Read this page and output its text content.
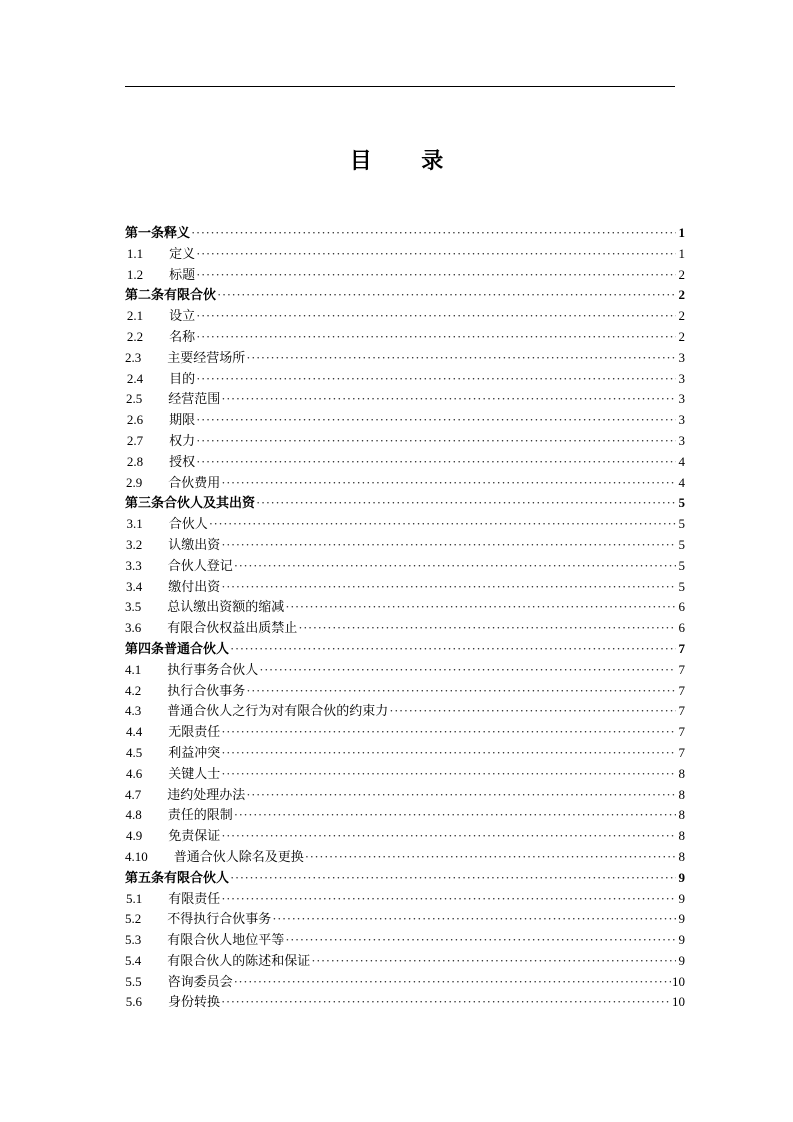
目 录
第一条 释义 ·····	1
1.1	定义 ·····	1
1.2	标题 ·····	2
第二条 有限合伙 ·····	2
2.1	设立 ·····	2
2.2	名称 ·····	2
2.3	主要经营场所 ·····	3
2.4	目的 ·····	3
2.5	经营范围 ·····	3
2.6	期限 ·····	3
2.7	权力 ·····	3
2.8	授权 ·····	4
2.9	合伙费用 ·····	4
第三条 合伙人及其出资 ·····	5
3.1	合伙人 ·····	5
3.2	认缴出资 ·····	5
3.3	合伙人登记 ·····	5
3.4	缴付出资 ·····	5
3.5	总认缴出资额的缩减 ·····	6
3.6	有限合伙权益出质禁止 ·····	6
第四条 普通合伙人 ·····	7
4.1	执行事务合伙人 ·····	7
4.2	执行合伙事务 ·····	7
4.3	普通合伙人之行为对有限合伙的约束力 ·····	7
4.4	无限责任 ·····	7
4.5	利益冲突 ·····	7
4.6	关键人士 ·····	8
4.7	违约处理办法 ·····	8
4.8	责任的限制 ·····	8
4.9	免责保证 ·····	8
4.10	普通合伙人除名及更换 ·····	8
第五条 有限合伙人 ·····	9
5.1	有限责任 ·····	9
5.2	不得执行合伙事务 ·····	9
5.3	有限合伙人地位平等 ·····	9
5.4	有限合伙人的陈述和保证 ·····	9
5.5	咨询委员会 ·····	10
5.6	身份转换 ·····	10
